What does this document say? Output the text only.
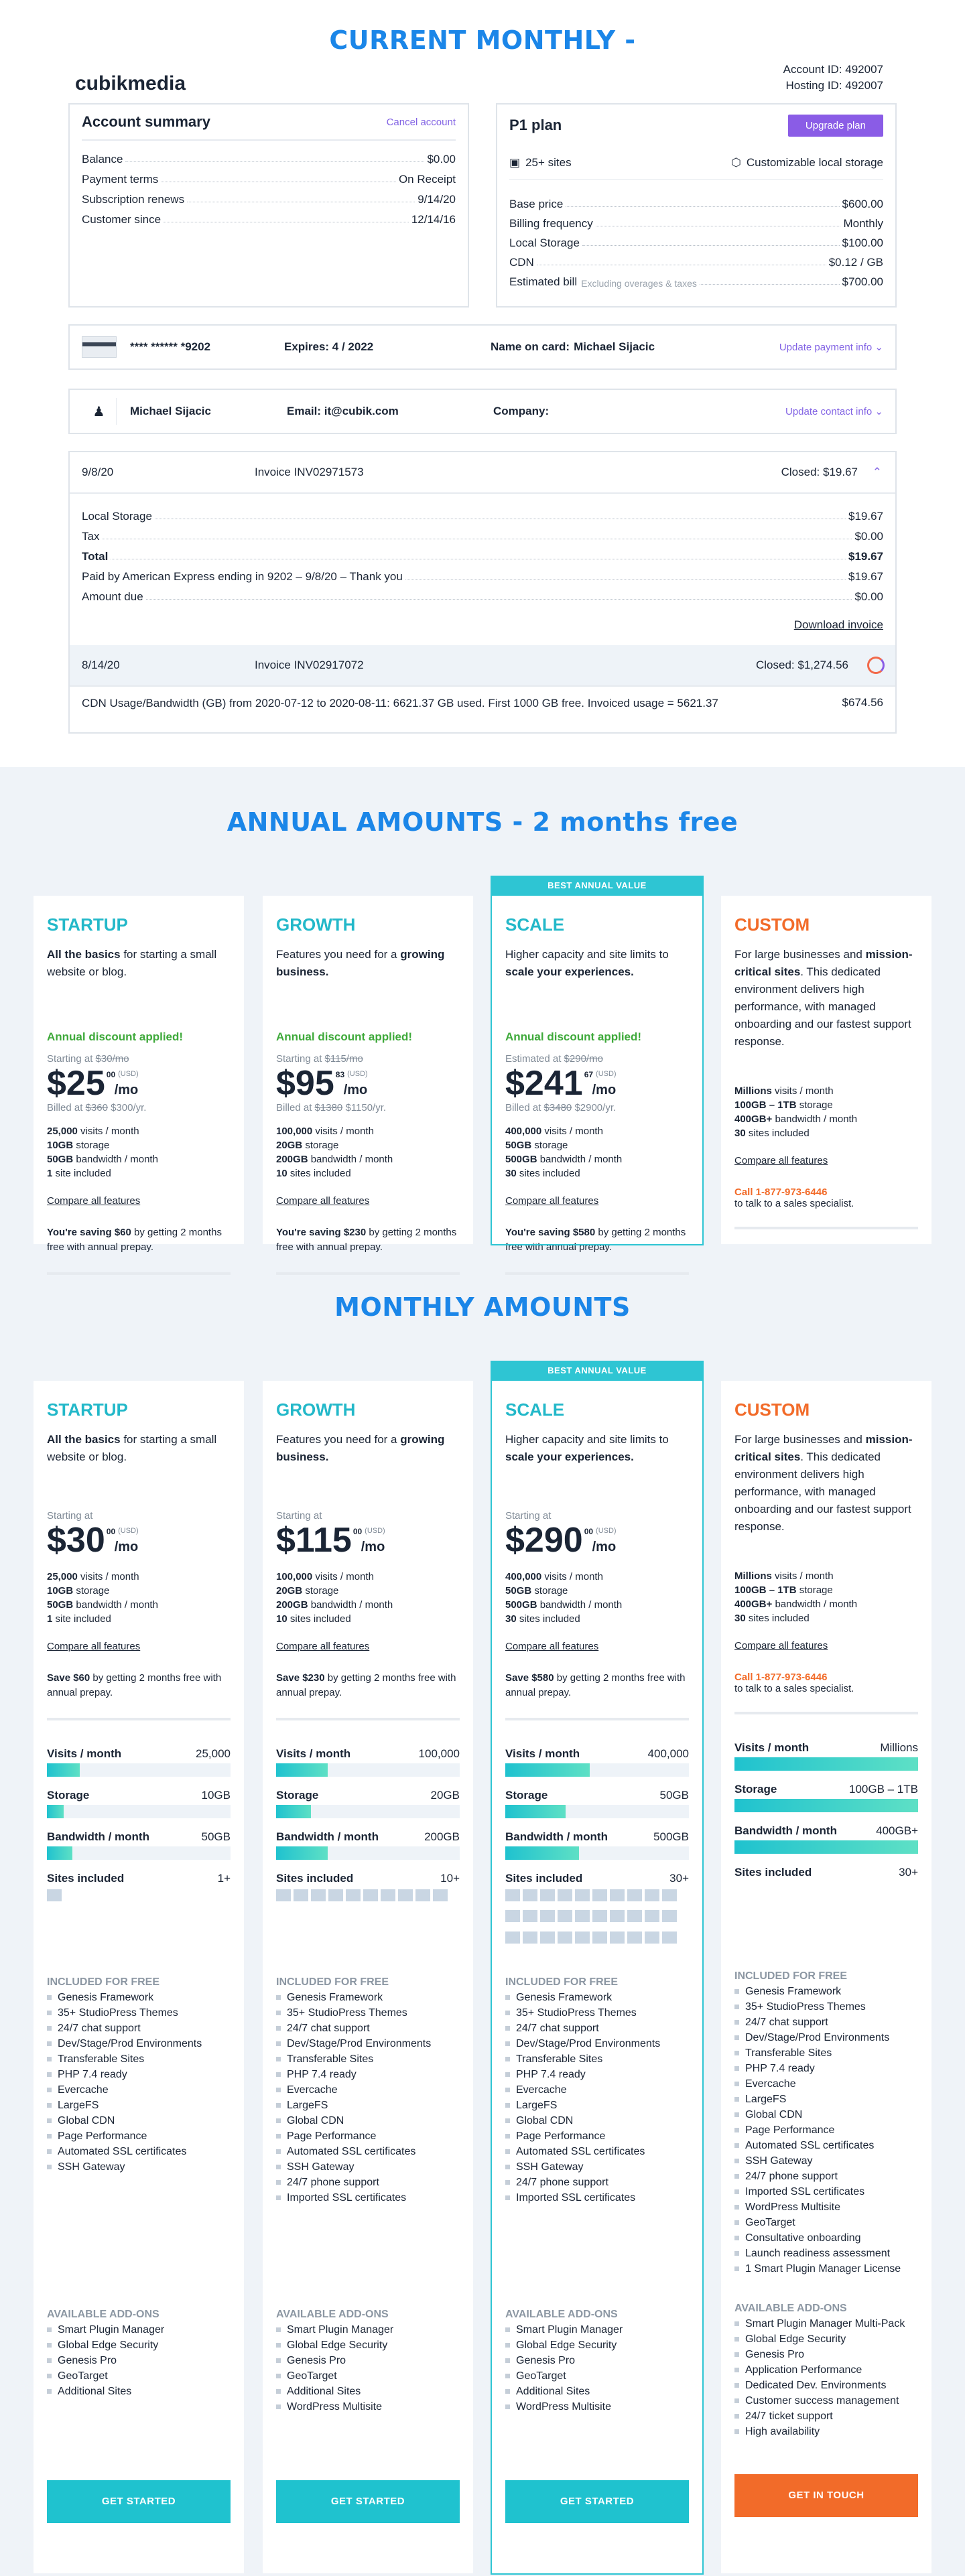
CURRENT MONTHLY -
cubikmedia
Account ID: 492007
Hosting ID: 492007
Account summary	Cancel account
Balance	$0.00
Payment terms	On Receipt
Subscription renews	9/14/20
Customer since	12/14/16
P1 plan	Upgrade plan
▣ 25+ sites	⬡ Customizable local storage
Base price	$600.00
Billing frequency	Monthly
Local Storage	$100.00
CDN	$0.12 / GB
Estimated bill Excluding overages & taxes	$700.00
**** ****** *9202	Expires: 4 / 2022	Name on card: Michael Sijacic	Update payment info ⌄
♟	Michael Sijacic	Email: it@cubik.com	Company:	Update contact info ⌄
9/8/20	Invoice INV02971573	Closed: $19.67 ⌃
Local Storage	$19.67
Tax	$0.00
Total	$19.67
Paid by American Express ending in 9202 – 9/8/20 – Thank you	$19.67
Amount due	$0.00
Download invoice
8/14/20	Invoice INV02917072	Closed: $1,274.56
CDN Usage/Bandwidth (GB) from 2020-07-12 to 2020-08-11: 6621.37 GB used. First 1000 GB free. Invoiced usage = 5621.37	$674.56
ANNUAL AMOUNTS - 2 months free
STARTUP
All the basics for starting a small website or blog.
Annual discount applied!
Starting at $30/mo
$25 00 (USD)
/mo
Billed at $360 $300/yr.
25,000 visits / month
10GB storage
50GB bandwidth / month
1 site included
Compare all features
You're saving $60 by getting 2 months free with annual prepay.
GROWTH
Features you need for a growing business.
Annual discount applied!
Starting at $115/mo
$95 83 (USD)
/mo
Billed at $1380 $1150/yr.
100,000 visits / month
20GB storage
200GB bandwidth / month
10 sites included
Compare all features
You're saving $230 by getting 2 months free with annual prepay.
BEST ANNUAL VALUE
SCALE
Higher capacity and site limits to scale your experiences.
Annual discount applied!
Estimated at $290/mo
$241 67 (USD)
/mo
Billed at $3480 $2900/yr.
400,000 visits / month
50GB storage
500GB bandwidth / month
30 sites included
Compare all features
You're saving $580 by getting 2 months free with annual prepay.
CUSTOM
For large businesses and mission-critical sites. This dedicated environment delivers high performance, with managed onboarding and our fastest support response.
Millions visits / month
100GB – 1TB storage
400GB+ bandwidth / month
30 sites included
Compare all features
Call 1-877-973-6446
to talk to a sales specialist.
MONTHLY AMOUNTS
STARTUP
All the basics for starting a small website or blog.
Starting at
$30 00 (USD)
/mo
25,000 visits / month
10GB storage
50GB bandwidth / month
1 site included
Compare all features
Save $60 by getting 2 months free with annual prepay.
Visits / month	25,000
Storage	10GB
Bandwidth / month	50GB
Sites included	1+
INCLUDED FOR FREE
Genesis Framework
35+ StudioPress Themes
24/7 chat support
Dev/Stage/Prod Environments
Transferable Sites
PHP 7.4 ready
Evercache
LargeFS
Global CDN
Page Performance
Automated SSL certificates
SSH Gateway
AVAILABLE ADD-ONS
Smart Plugin Manager
Global Edge Security
Genesis Pro
GeoTarget
Additional Sites
GET STARTED
GROWTH
Features you need for a growing business.
Starting at
$115 00 (USD)
/mo
100,000 visits / month
20GB storage
200GB bandwidth / month
10 sites included
Compare all features
Save $230 by getting 2 months free with annual prepay.
Visits / month	100,000
Storage	20GB
Bandwidth / month	200GB
Sites included	10+
INCLUDED FOR FREE
Genesis Framework
35+ StudioPress Themes
24/7 chat support
Dev/Stage/Prod Environments
Transferable Sites
PHP 7.4 ready
Evercache
LargeFS
Global CDN
Page Performance
Automated SSL certificates
SSH Gateway
24/7 phone support
Imported SSL certificates
AVAILABLE ADD-ONS
Smart Plugin Manager
Global Edge Security
Genesis Pro
GeoTarget
Additional Sites
WordPress Multisite
GET STARTED
BEST ANNUAL VALUE
SCALE
Higher capacity and site limits to scale your experiences.
Starting at
$290 00 (USD)
/mo
400,000 visits / month
50GB storage
500GB bandwidth / month
30 sites included
Compare all features
Save $580 by getting 2 months free with annual prepay.
Visits / month	400,000
Storage	50GB
Bandwidth / month	500GB
Sites included	30+
INCLUDED FOR FREE
Genesis Framework
35+ StudioPress Themes
24/7 chat support
Dev/Stage/Prod Environments
Transferable Sites
PHP 7.4 ready
Evercache
LargeFS
Global CDN
Page Performance
Automated SSL certificates
SSH Gateway
24/7 phone support
Imported SSL certificates
AVAILABLE ADD-ONS
Smart Plugin Manager
Global Edge Security
Genesis Pro
GeoTarget
Additional Sites
WordPress Multisite
GET STARTED
CUSTOM
For large businesses and mission-critical sites. This dedicated environment delivers high performance, with managed onboarding and our fastest support response.
Millions visits / month
100GB – 1TB storage
400GB+ bandwidth / month
30 sites included
Compare all features
Call 1-877-973-6446
to talk to a sales specialist.
Visits / month	Millions
Storage	100GB – 1TB
Bandwidth / month	400GB+
Sites included	30+
INCLUDED FOR FREE
Genesis Framework
35+ StudioPress Themes
24/7 chat support
Dev/Stage/Prod Environments
Transferable Sites
PHP 7.4 ready
Evercache
LargeFS
Global CDN
Page Performance
Automated SSL certificates
SSH Gateway
24/7 phone support
Imported SSL certificates
WordPress Multisite
GeoTarget
Consultative onboarding
Launch readiness assessment
1 Smart Plugin Manager License
AVAILABLE ADD-ONS
Smart Plugin Manager Multi-Pack
Global Edge Security
Genesis Pro
Application Performance
Dedicated Dev. Environments
Customer success management
24/7 ticket support
High availability
GET IN TOUCH
